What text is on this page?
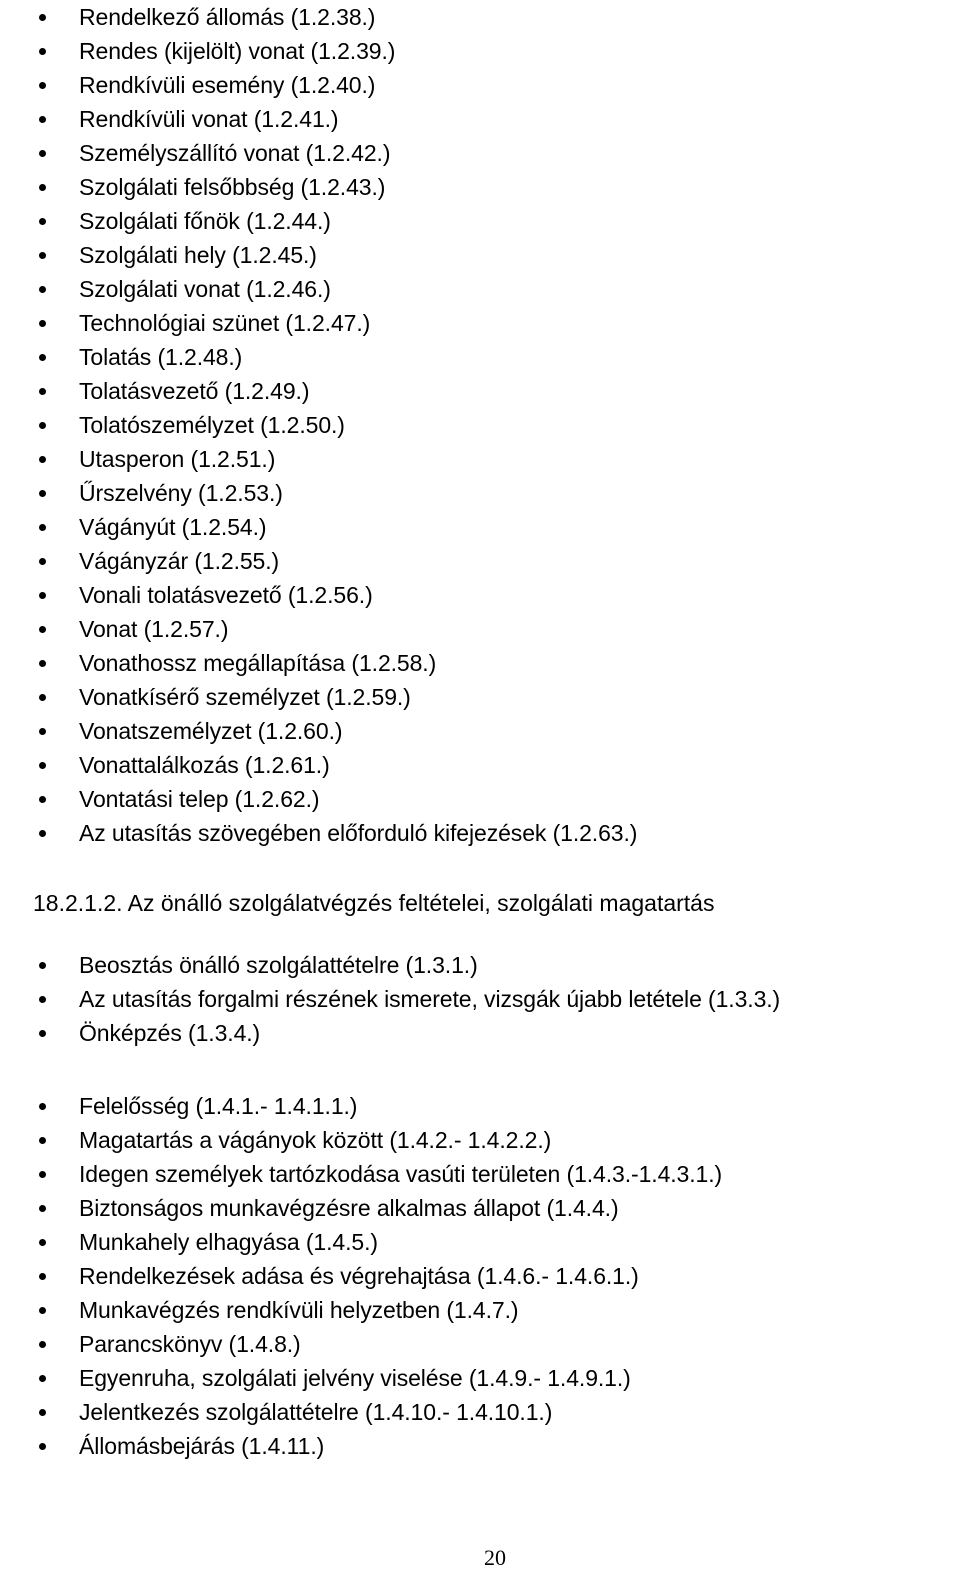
Rendelkező állomás (1.2.38.)
Rendes (kijelölt) vonat (1.2.39.)
Rendkívüli esemény (1.2.40.)
Rendkívüli vonat (1.2.41.)
Személyszállító vonat (1.2.42.)
Szolgálati felsőbbség (1.2.43.)
Szolgálati főnök (1.2.44.)
Szolgálati hely (1.2.45.)
Szolgálati vonat (1.2.46.)
Technológiai szünet (1.2.47.)
Tolatás (1.2.48.)
Tolatásvezető (1.2.49.)
Tolatószemélyzet (1.2.50.)
Utasperon (1.2.51.)
Űrszelvény (1.2.53.)
Vágányút (1.2.54.)
Vágányzár (1.2.55.)
Vonali tolatásvezető (1.2.56.)
Vonat (1.2.57.)
Vonathossz megállapítása (1.2.58.)
Vonatkísérő személyzet (1.2.59.)
Vonatszemélyzet (1.2.60.)
Vonattalálkozás (1.2.61.)
Vontatási telep (1.2.62.)
Az utasítás szövegében előforduló kifejezések (1.2.63.)
18.2.1.2. Az önálló szolgálatvégzés feltételei, szolgálati magatartás
Beosztás önálló szolgálattételre (1.3.1.)
Az utasítás forgalmi részének ismerete, vizsgák újabb letétele (1.3.3.)
Önképzés (1.3.4.)
Felelősség (1.4.1.- 1.4.1.1.)
Magatartás a vágányok között (1.4.2.- 1.4.2.2.)
Idegen személyek tartózkodása vasúti területen (1.4.3.-1.4.3.1.)
Biztonságos munkavégzésre alkalmas állapot (1.4.4.)
Munkahely elhagyása (1.4.5.)
Rendelkezések adása és végrehajtása (1.4.6.- 1.4.6.1.)
Munkavégzés rendkívüli helyzetben (1.4.7.)
Parancskönyv (1.4.8.)
Egyenruha, szolgálati jelvény viselése (1.4.9.- 1.4.9.1.)
Jelentkezés szolgálattételre (1.4.10.- 1.4.10.1.)
Állomásbejárás (1.4.11.)
20
